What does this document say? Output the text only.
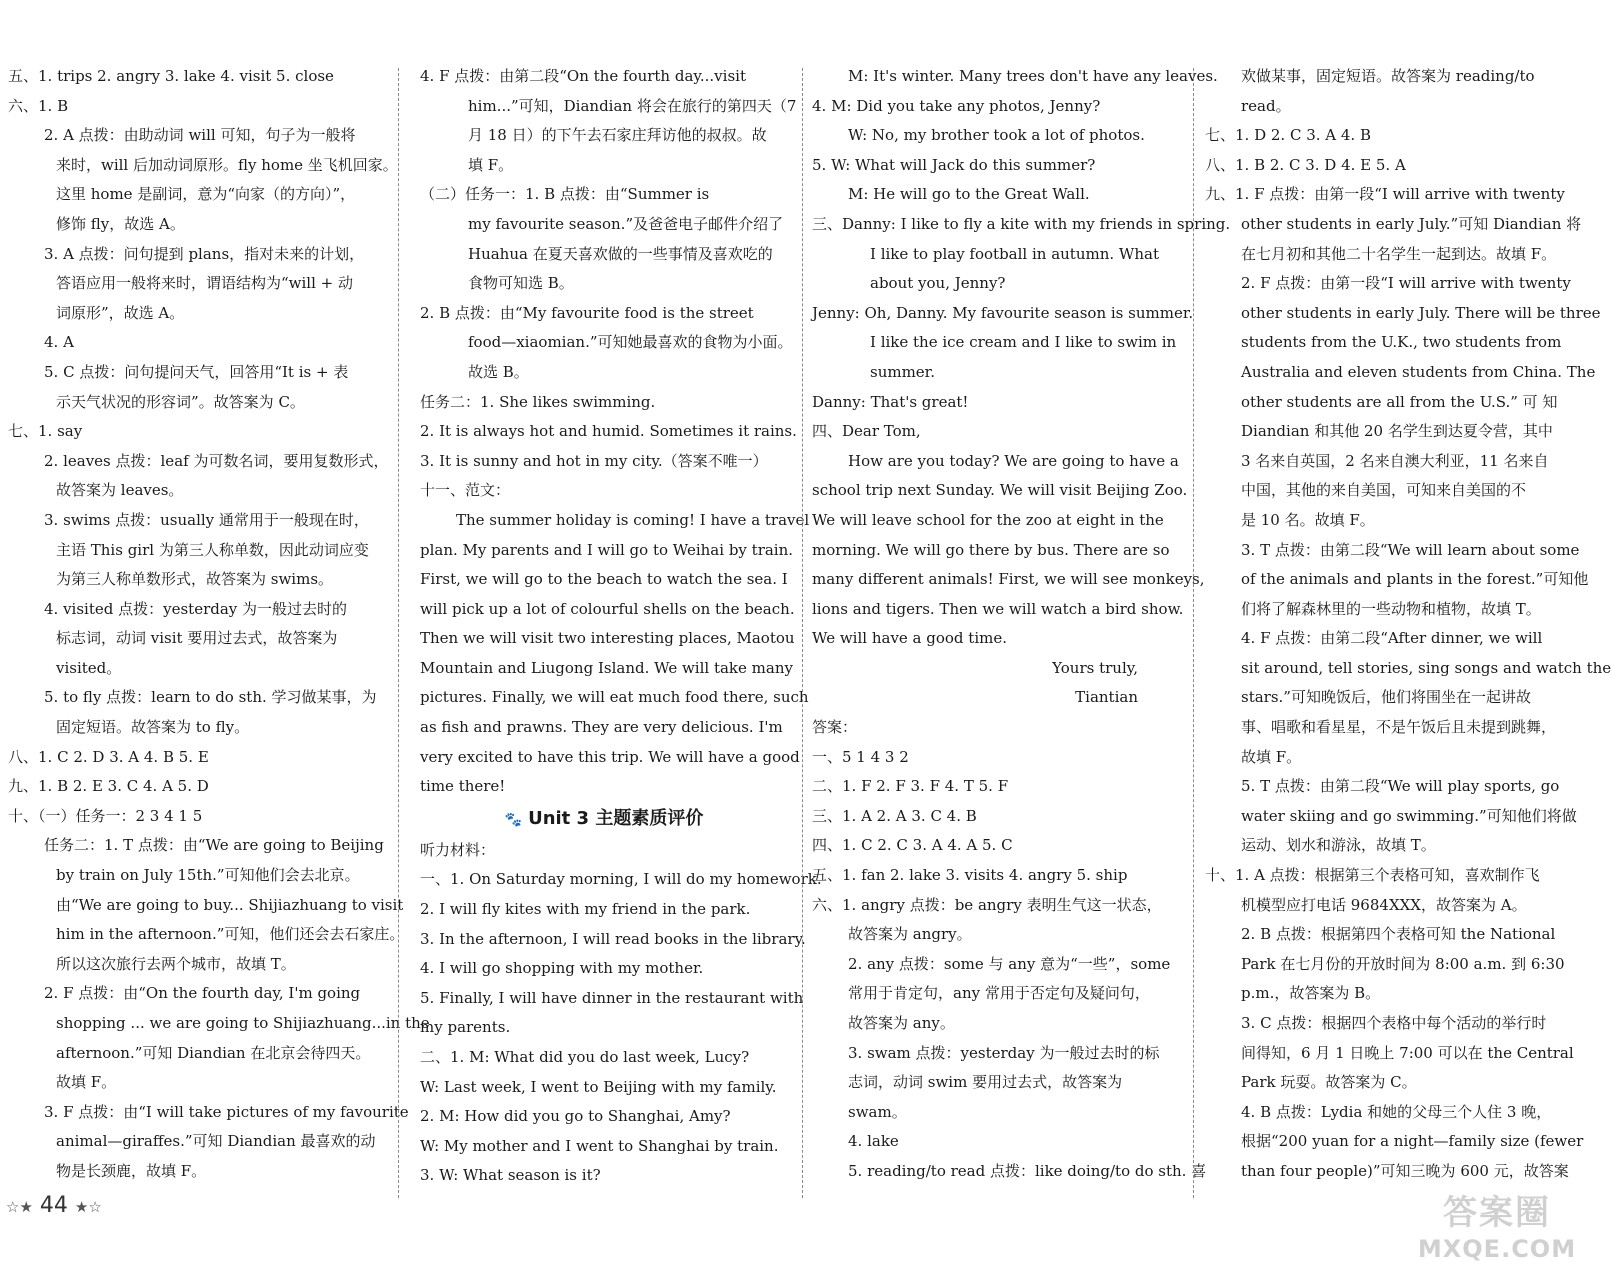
五、1. trips 2. angry 3. lake 4. visit 5. close
六、1. B
2. A 点拨：由助动词 will 可知，句子为一般将
来时，will 后加动词原形。fly home 坐飞机回家。
这里 home 是副词，意为“向家（的方向）”，
修饰 fly，故选 A。
3. A 点拨：问句提到 plans，指对未来的计划，
答语应用一般将来时，谓语结构为“will + 动
词原形”，故选 A。
4. A
5. C 点拨：问句提问天气，回答用“It is + 表
示天气状况的形容词”。故答案为 C。
七、1. say
2. leaves 点拨：leaf 为可数名词，要用复数形式，
故答案为 leaves。
3. swims 点拨：usually 通常用于一般现在时，
主语 This girl 为第三人称单数，因此动词应变
为第三人称单数形式，故答案为 swims。
4. visited 点拨：yesterday 为一般过去时的
标志词，动词 visit 要用过去式，故答案为
visited。
5. to fly 点拨：learn to do sth. 学习做某事，为
固定短语。故答案为 to fly。
八、1. C 2. D 3. A 4. B 5. E
九、1. B 2. E 3. C 4. A 5. D
十、（一）任务一：2 3 4 1 5
任务二：1. T 点拨：由“We are going to Beijing
by train on July 15th.”可知他们会去北京。
由“We are going to buy... Shijiazhuang to visit
him in the afternoon.”可知，他们还会去石家庄。
所以这次旅行去两个城市，故填 T。
2. F 点拨：由“On the fourth day, I'm going
shopping ... we are going to Shijiazhuang...in the
afternoon.”可知 Diandian 在北京会待四天。
故填 F。
3. F 点拨：由“I will take pictures of my favourite
animal—giraffes.”可知 Diandian 最喜欢的动
物是长颈鹿，故填 F。
4. F 点拨：由第二段“On the fourth day...visit
him...”可知，Diandian 将会在旅行的第四天（7
月 18 日）的下午去石家庄拜访他的叔叔。故
填 F。
（二）任务一：1. B 点拨：由“Summer is
my favourite season.”及爸爸电子邮件介绍了
Huahua 在夏天喜欢做的一些事情及喜欢吃的
食物可知选 B。
2. B 点拨：由“My favourite food is the street
food—xiaomian.”可知她最喜欢的食物为小面。
故选 B。
任务二：1. She likes swimming.
2. It is always hot and humid. Sometimes it rains.
3. It is sunny and hot in my city.（答案不唯一）
十一、范文：
The summer holiday is coming! I have a travel
plan. My parents and I will go to Weihai by train.
First, we will go to the beach to watch the sea. I
will pick up a lot of colourful shells on the beach.
Then we will visit two interesting places, Maotou
Mountain and Liugong Island. We will take many
pictures. Finally, we will eat much food there, such
as fish and prawns. They are very delicious. I'm
very excited to have this trip. We will have a good
time there!
🐾 Unit 3 主题素质评价
听力材料：
一、1. On Saturday morning, I will do my homework.
2. I will fly kites with my friend in the park.
3. In the afternoon, I will read books in the library.
4. I will go shopping with my mother.
5. Finally, I will have dinner in the restaurant with
my parents.
二、1. M: What did you do last week, Lucy?
W: Last week, I went to Beijing with my family.
2. M: How did you go to Shanghai, Amy?
W: My mother and I went to Shanghai by train.
3. W: What season is it?
M: It's winter. Many trees don't have any leaves.
4. M: Did you take any photos, Jenny?
W: No, my brother took a lot of photos.
5. W: What will Jack do this summer?
M: He will go to the Great Wall.
三、Danny: I like to fly a kite with my friends in spring.
I like to play football in autumn. What
about you, Jenny?
Jenny: Oh, Danny. My favourite season is summer.
I like the ice cream and I like to swim in
summer.
Danny: That's great!
四、Dear Tom,
How are you today? We are going to have a
school trip next Sunday. We will visit Beijing Zoo.
We will leave school for the zoo at eight in the
morning. We will go there by bus. There are so
many different animals! First, we will see monkeys,
lions and tigers. Then we will watch a bird show.
We will have a good time.
Yours truly,
Tiantian
答案：
一、5 1 4 3 2
二、1. F 2. F 3. F 4. T 5. F
三、1. A 2. A 3. C 4. B
四、1. C 2. C 3. A 4. A 5. C
五、1. fan 2. lake 3. visits 4. angry 5. ship
六、1. angry 点拨：be angry 表明生气这一状态，
故答案为 angry。
2. any 点拨：some 与 any 意为“一些”，some
常用于肯定句，any 常用于否定句及疑问句，
故答案为 any。
3. swam 点拨：yesterday 为一般过去时的标
志词，动词 swim 要用过去式，故答案为
swam。
4. lake
5. reading/to read 点拨：like doing/to do sth. 喜
欢做某事，固定短语。故答案为 reading/to
read。
七、1. D 2. C 3. A 4. B
八、1. B 2. C 3. D 4. E 5. A
九、1. F 点拨：由第一段“I will arrive with twenty
other students in early July.”可知 Diandian 将
在七月初和其他二十名学生一起到达。故填 F。
2. F 点拨：由第一段“I will arrive with twenty
other students in early July. There will be three
students from the U.K., two students from
Australia and eleven students from China. The
other students are all from the U.S.” 可 知
Diandian 和其他 20 名学生到达夏令营，其中
3 名来自英国，2 名来自澳大利亚，11 名来自
中国，其他的来自美国，可知来自美国的不
是 10 名。故填 F。
3. T 点拨：由第二段“We will learn about some
of the animals and plants in the forest.”可知他
们将了解森林里的一些动物和植物，故填 T。
4. F 点拨：由第二段“After dinner, we will
sit around, tell stories, sing songs and watch the
stars.”可知晚饭后，他们将围坐在一起讲故
事、唱歌和看星星，不是午饭后且未提到跳舞，
故填 F。
5. T 点拨：由第二段“We will play sports, go
water skiing and go swimming.”可知他们将做
运动、划水和游泳，故填 T。
十、1. A 点拨：根据第三个表格可知，喜欢制作飞
机模型应打电话 9684XXX，故答案为 A。
2. B 点拨：根据第四个表格可知 the National
Park 在七月份的开放时间为 8:00 a.m. 到 6:30
p.m.，故答案为 B。
3. C 点拨：根据四个表格中每个活动的举行时
间得知，6 月 1 日晚上 7:00 可以在 the Central
Park 玩耍。故答案为 C。
4. B 点拨：Lydia 和她的父母三个人住 3 晚，
根据“200 yuan for a night—family size (fewer
than four people)”可知三晚为 600 元，故答案
☆★ 44 ★☆	答案圈
MXQE.COM
